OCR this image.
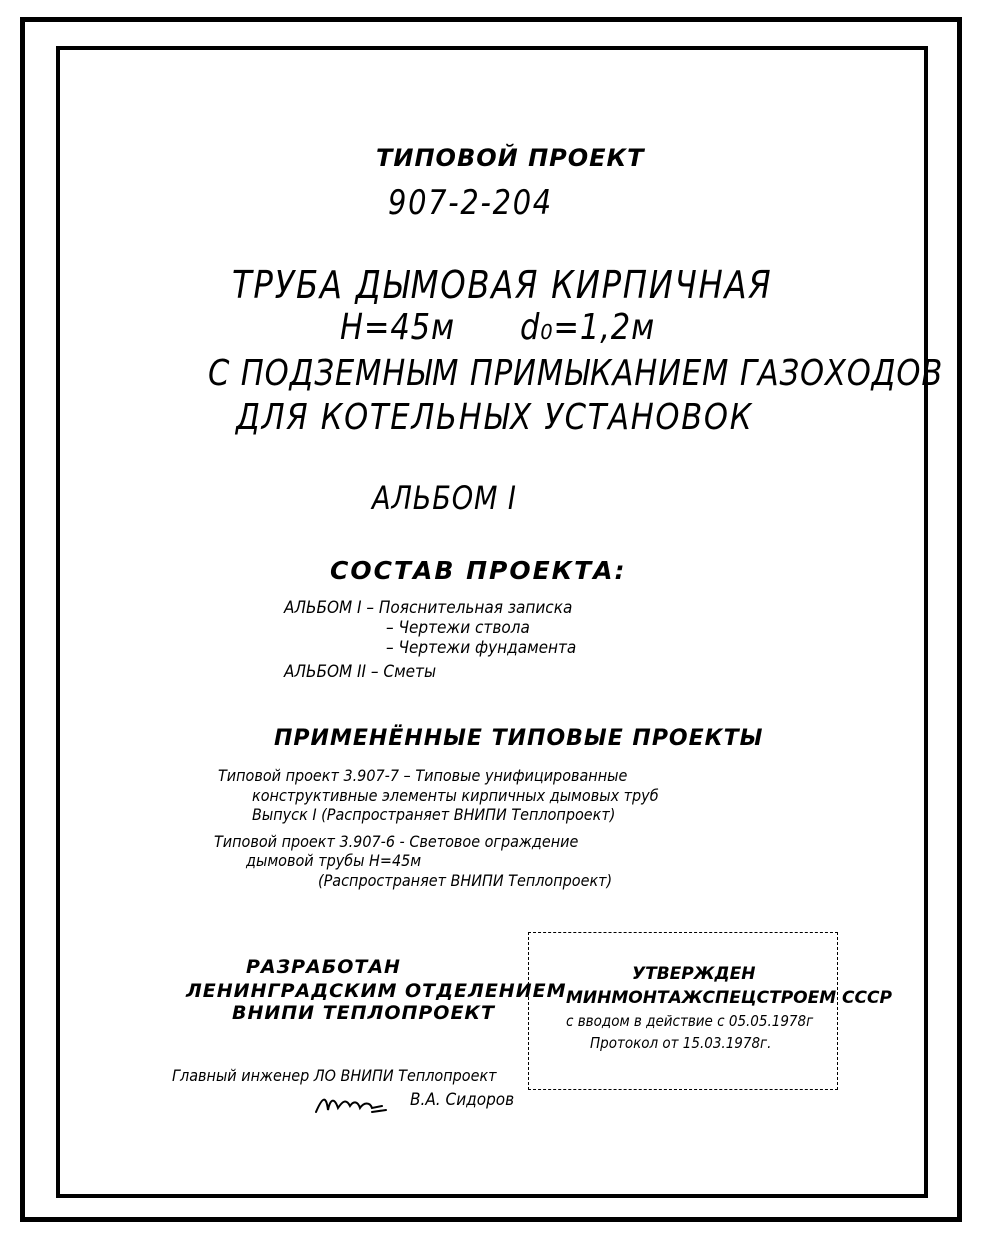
ТИПОВОЙ ПРОЕКТ
907-2-204
ТРУБА ДЫМОВАЯ КИРПИЧНАЯ
Н=45м d₀=1,2м
С ПОДЗЕМНЫМ ПРИМЫКАНИЕМ ГАЗОХОДОВ
ДЛЯ КОТЕЛЬНЫХ УСТАНОВОК
АЛЬБОМ I
СОСТАВ ПРОЕКТА:
АЛЬБОМ I – Пояснительная записка
– Чертежи ствола
– Чертежи фундамента
АЛЬБОМ II – Сметы
ПРИМЕНЁННЫЕ ТИПОВЫЕ ПРОЕКТЫ
Типовой проект 3.907-7 – Типовые унифицированные
конструктивные элементы кирпичных дымовых труб
Выпуск I (Распространяет ВНИПИ Теплопроект)
Типовой проект 3.907-6 - Световое ограждение
дымовой трубы Н=45м
(Распространяет ВНИПИ Теплопроект)
РАЗРАБОТАН
ЛЕНИНГРАДСКИМ ОТДЕЛЕНИЕМ
ВНИПИ ТЕПЛОПРОЕКТ
УТВЕРЖДЕН
МИНМОНТАЖСПЕЦСТРОЕМ СССР
с вводом в действие с 05.05.1978г
Протокол от 15.03.1978г.
Главный инженер ЛО ВНИПИ Теплопроект
В.А. Сидоров
